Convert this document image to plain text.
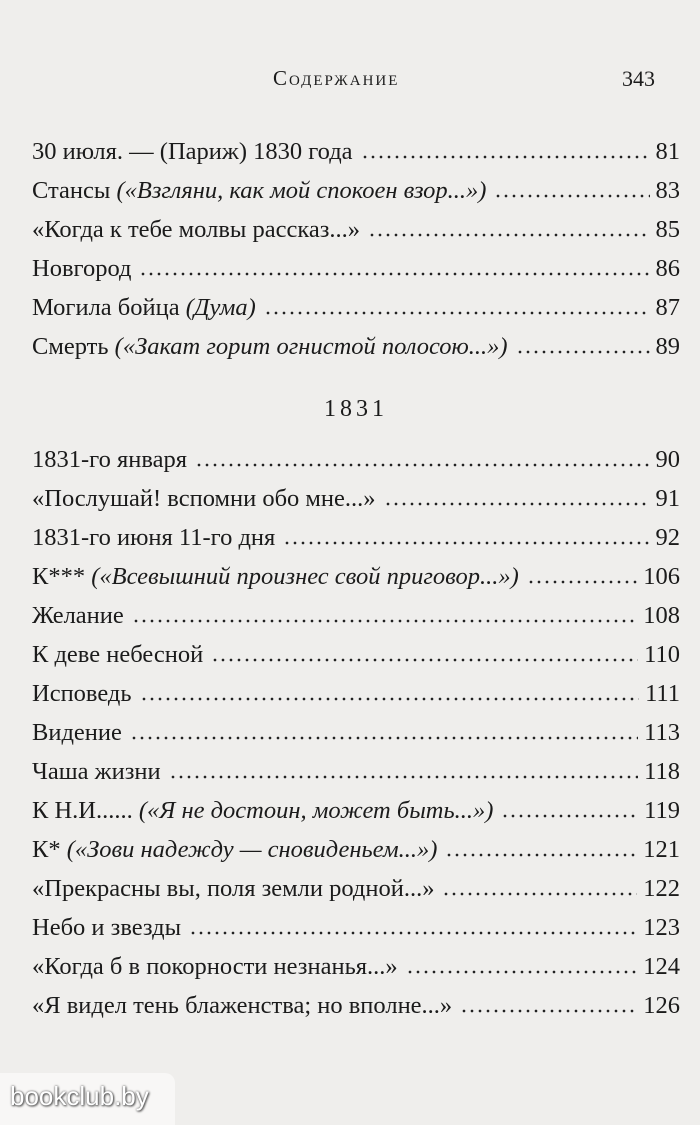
Содержание	343
30 июля. — (Париж) 1830 года	81
Стансы («Взгляни, как мой спокоен взор...»)	83
«Когда к тебе молвы рассказ...»	85
Новгород	86
Могила бойца (Дума)	87
Смерть («Закат горит огнистой полосою...»)	89
1831
1831-го января	90
«Послушай! вспомни обо мне...»	91
1831-го июня 11-го дня	92
К*** («Всевышний произнес свой приговор...»)	106
Желание	108
К деве небесной	110
Исповедь	111
Видение	113
Чаша жизни	118
К Н.И...... («Я не достоин, может быть...»)	119
К* («Зови надежду — сновиденьем...»)	121
«Прекрасны вы, поля земли родной...»	122
Небо и звезды	123
«Когда б в покорности незнанья...»	124
«Я видел тень блаженства; но вполне...»	126
bookclub.by
